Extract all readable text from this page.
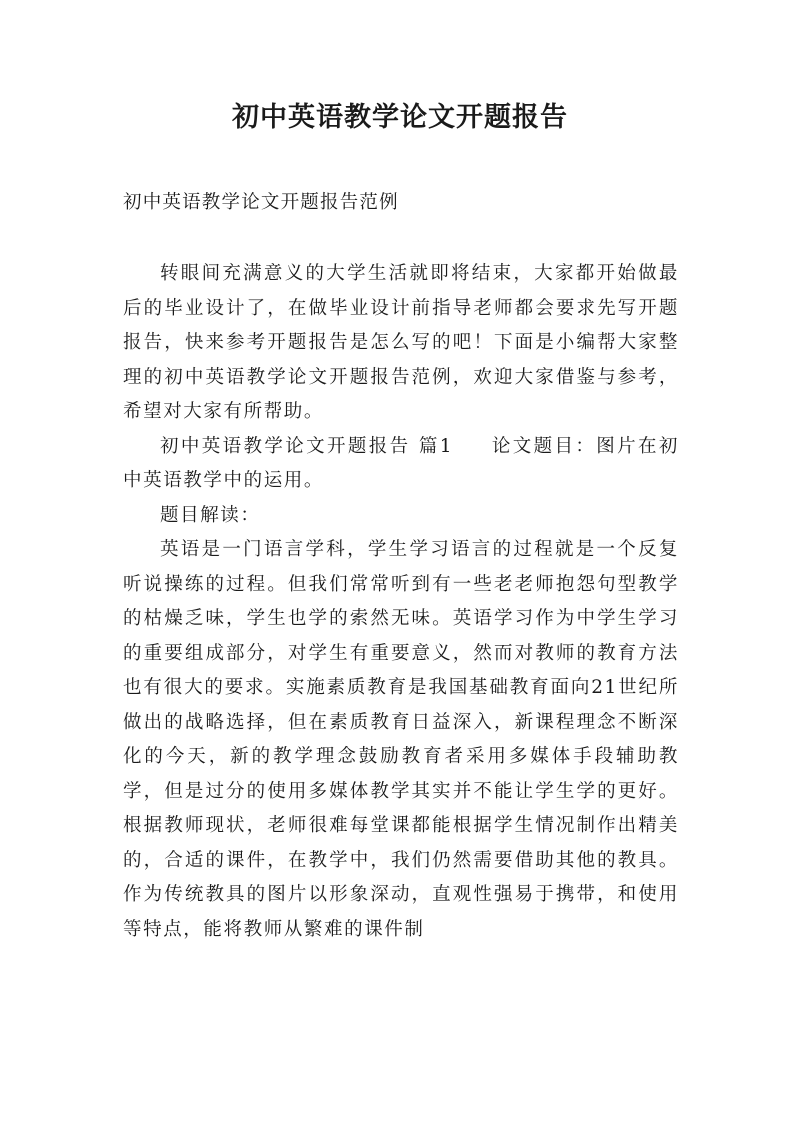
初中英语教学论文开题报告

初中英语教学论文开题报告范例

转眼间充满意义的大学生活就即将结束，大家都开始做最后的毕业设计了，在做毕业设计前指导老师都会要求先写开题报告，快来参考开题报告是怎么写的吧！下面是小编帮大家整理的初中英语教学论文开题报告范例，欢迎大家借鉴与参考，希望对大家有所帮助。

初中英语教学论文开题报告 篇1 论文题目：图片在初中英语教学中的运用。

题目解读：

英语是一门语言学科，学生学习语言的过程就是一个反复听说操练的过程。但我们常常听到有一些老老师抱怨句型教学的枯燥乏味，学生也学的索然无味。英语学习作为中学生学习的重要组成部分，对学生有重要意义，然而对教师的教育方法也有很大的要求。实施素质教育是我国基础教育面向21世纪所做出的战略选择，但在素质教育日益深入，新课程理念不断深化的今天，新的教学理念鼓励教育者采用多媒体手段辅助教学，但是过分的使用多媒体教学其实并不能让学生学的更好。根据教师现状，老师很难每堂课都能根据学生情况制作出精美的，合适的课件，在教学中，我们仍然需要借助其他的教具。作为传统教具的图片以形象深动，直观性强易于携带，和使用等特点，能将教师从繁难的课件制
